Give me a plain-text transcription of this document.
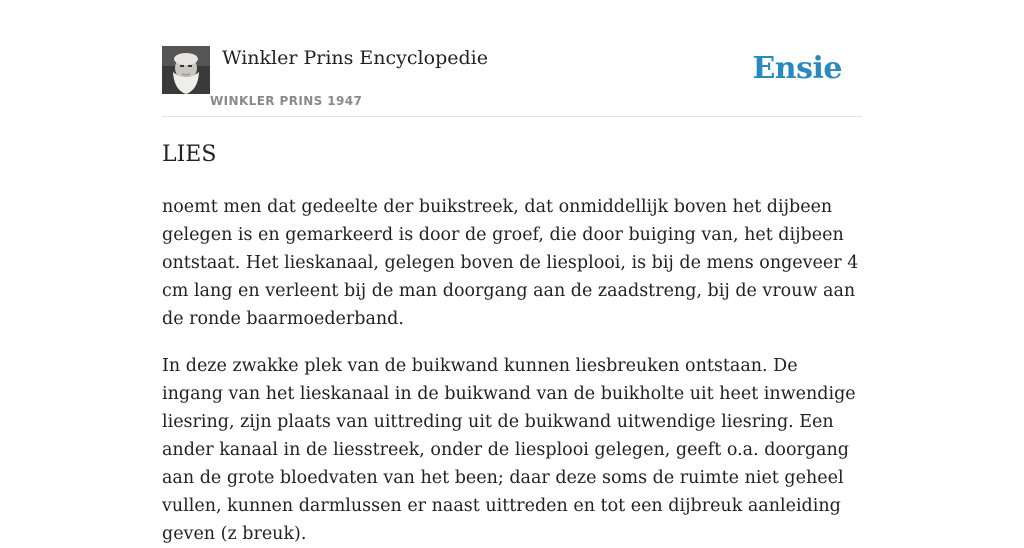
Winkler Prins Encyclopedie
WINKLER PRINS 1947
Ensie
LIES

noemt men dat gedeelte der buikstreek, dat onmiddellijk boven het dijbeen gelegen is en gemarkeerd is door de groef, die door buiging van, het dijbeen ontstaat. Het lieskanaal, gelegen boven de liesplooi, is bij de mens ongeveer 4 cm lang en verleent bij de man doorgang aan de zaadstreng, bij de vrouw aan de ronde baarmoederband.

In deze zwakke plek van de buikwand kunnen liesbreuken ontstaan. De ingang van het lieskanaal in de buikwand van de buikholte uit heet inwendige liesring, zijn plaats van uittreding uit de buikwand uitwendige liesring. Een ander kanaal in de liesstreek, onder de liesplooi gelegen, geeft o.a. doorgang aan de grote bloedvaten van het been; daar deze soms de ruimte niet geheel vullen, kunnen darmlussen er naast uittreden en tot een dijbreuk aanleiding geven (z breuk).
